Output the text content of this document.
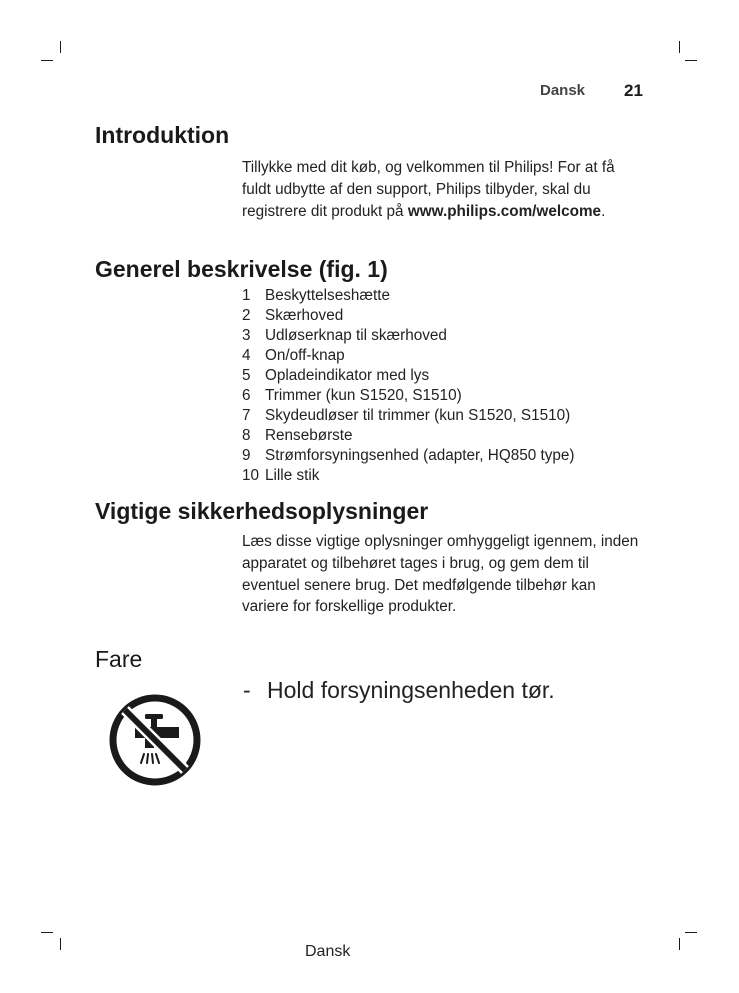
Dansk 21
Introduktion

Tillykke med dit køb, og velkommen til Philips! For at få fuldt udbytte af den support, Philips tilbyder, skal du registrere dit produkt på www.philips.com/welcome.

Generel beskrivelse (fig. 1)
1 Beskyttelseshætte
2 Skærhoved
3 Udløserknap til skærhoved
4 On/off-knap
5 Opladeindikator med lys
6 Trimmer (kun S1520, S1510)
7 Skydeudløser til trimmer (kun S1520, S1510)
8 Rensebørste
9 Strømforsyningsenhed (adapter, HQ850 type)
10 Lille stik
Vigtige sikkerhedsoplysninger

Læs disse vigtige oplysninger omhyggeligt igennem, inden apparatet og tilbehøret tages i brug, og gem dem til eventuel senere brug. Det medfølgende tilbehør kan variere for forskellige produkter.

Fare
- Hold forsyningsenheden tør.
Dansk
